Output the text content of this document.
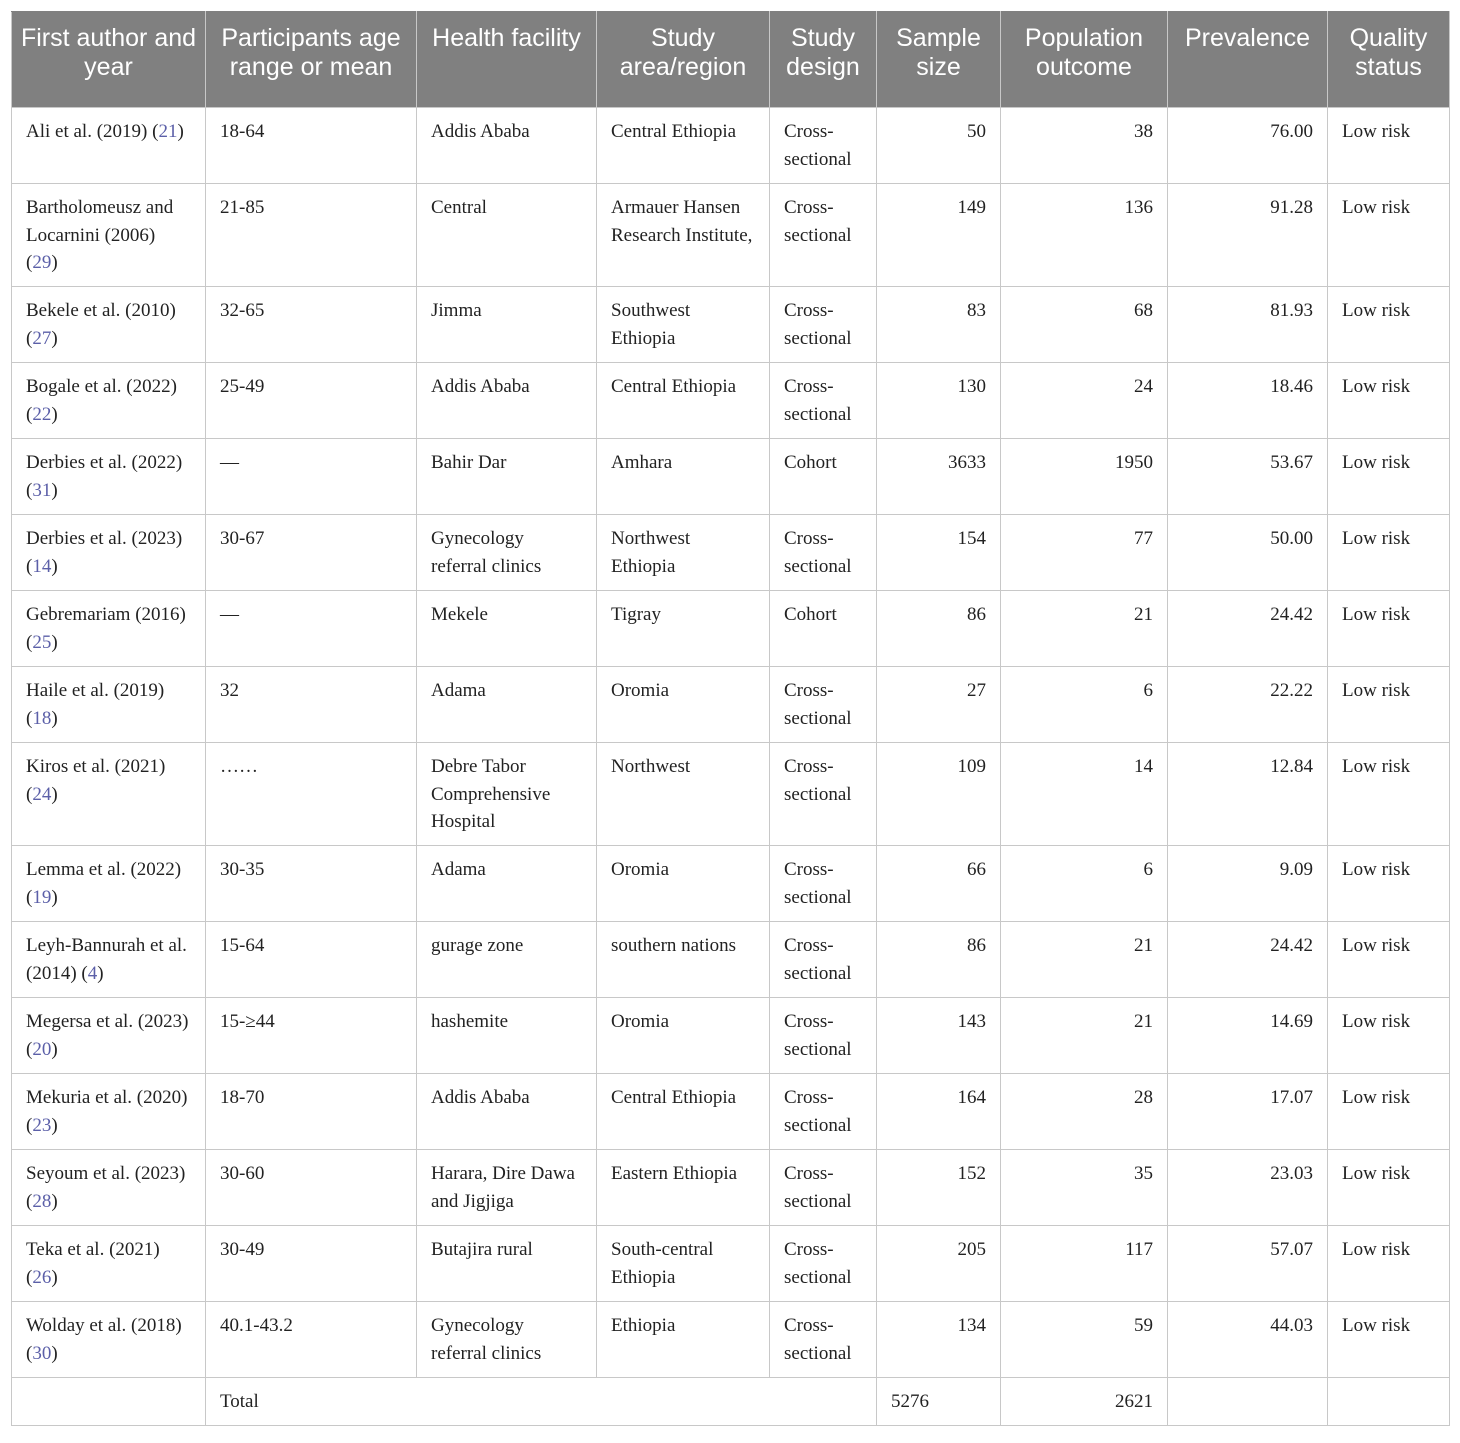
First author and year	Participants age range or mean	Health facility	Study area/region	Study design	Sample size	Population outcome	Prevalence	Quality status
Ali et al. (2019) (21)	18-64	Addis Ababa	Central Ethiopia	Cross-sectional	50	38	76.00	Low risk
Bartholomeusz and Locarnini (2006) (29)	21-85	Central	Armauer Hansen Research Institute,	Cross-sectional	149	136	91.28	Low risk
Bekele et al. (2010) (27)	32-65	Jimma	Southwest Ethiopia	Cross-sectional	83	68	81.93	Low risk
Bogale et al. (2022) (22)	25-49	Addis Ababa	Central Ethiopia	Cross-sectional	130	24	18.46	Low risk
Derbies et al. (2022) (31)	—	Bahir Dar	Amhara	Cohort	3633	1950	53.67	Low risk
Derbies et al. (2023) (14)	30-67	Gynecology referral clinics	Northwest Ethiopia	Cross-sectional	154	77	50.00	Low risk
Gebremariam (2016) (25)	—	Mekele	Tigray	Cohort	86	21	24.42	Low risk
Haile et al. (2019) (18)	32	Adama	Oromia	Cross-sectional	27	6	22.22	Low risk
Kiros et al. (2021) (24)	……	Debre Tabor Comprehensive Hospital	Northwest	Cross-sectional	109	14	12.84	Low risk
Lemma et al. (2022) (19)	30-35	Adama	Oromia	Cross-sectional	66	6	9.09	Low risk
Leyh-Bannurah et al. (2014) (4)	15-64	gurage zone	southern nations	Cross-sectional	86	21	24.42	Low risk
Megersa et al. (2023) (20)	15-≥44	hashemite	Oromia	Cross-sectional	143	21	14.69	Low risk
Mekuria et al. (2020) (23)	18-70	Addis Ababa	Central Ethiopia	Cross-sectional	164	28	17.07	Low risk
Seyoum et al. (2023) (28)	30-60	Harara, Dire Dawa and Jigjiga	Eastern Ethiopia	Cross-sectional	152	35	23.03	Low risk
Teka et al. (2021) (26)	30-49	Butajira rural	South-central Ethiopia	Cross-sectional	205	117	57.07	Low risk
Wolday et al. (2018) (30)	40.1-43.2	Gynecology referral clinics	Ethiopia	Cross-sectional	134	59	44.03	Low risk
	Total				5276	2621		
